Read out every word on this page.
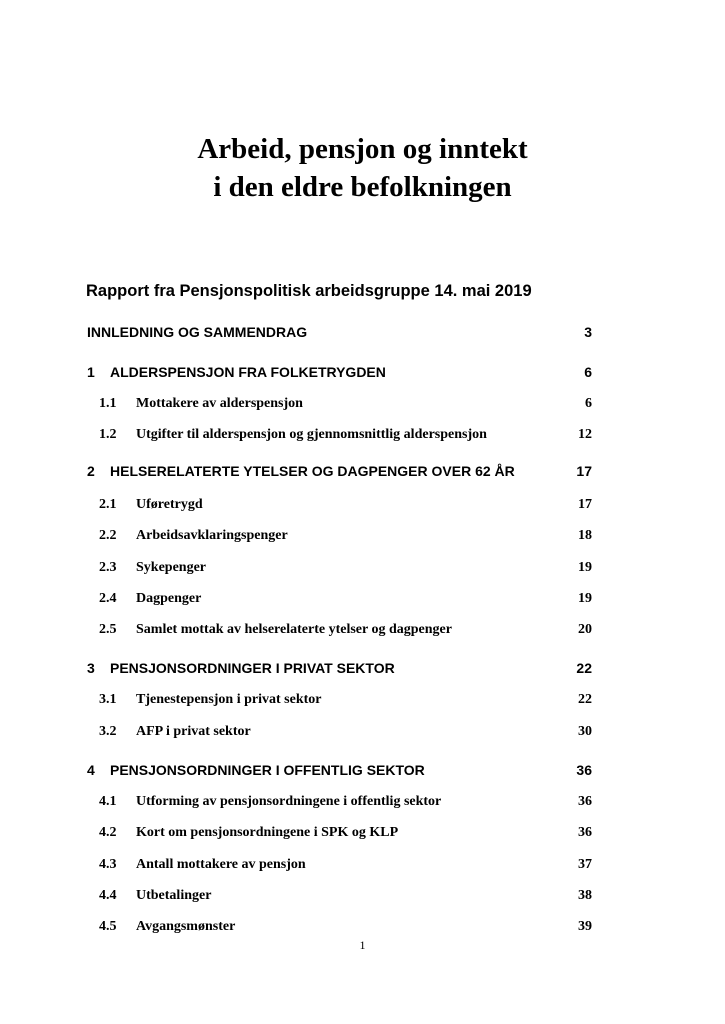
Arbeid, pensjon og inntekt
i den eldre befolkningen
Rapport fra Pensjonspolitisk arbeidsgruppe 14. mai 2019
INNLEDNING OG SAMMENDRAG	3
1 ALDERSPENSJON FRA FOLKETRYGDEN	6
1.1 Mottakere av alderspensjon	6
1.2 Utgifter til alderspensjon og gjennomsnittlig alderspensjon	12
2 HELSERELATERTE YTELSER OG DAGPENGER OVER 62 ÅR	17
2.1 Uføretrygd	17
2.2 Arbeidsavklaringspenger	18
2.3 Sykepenger	19
2.4 Dagpenger	19
2.5 Samlet mottak av helserelaterte ytelser og dagpenger	20
3 PENSJONSORDNINGER I PRIVAT SEKTOR	22
3.1 Tjenestepensjon i privat sektor	22
3.2 AFP i privat sektor	30
4 PENSJONSORDNINGER I OFFENTLIG SEKTOR	36
4.1 Utforming av pensjonsordningene i offentlig sektor	36
4.2 Kort om pensjonsordningene i SPK og KLP	36
4.3 Antall mottakere av pensjon	37
4.4 Utbetalinger	38
4.5 Avgangsmønster	39
1
